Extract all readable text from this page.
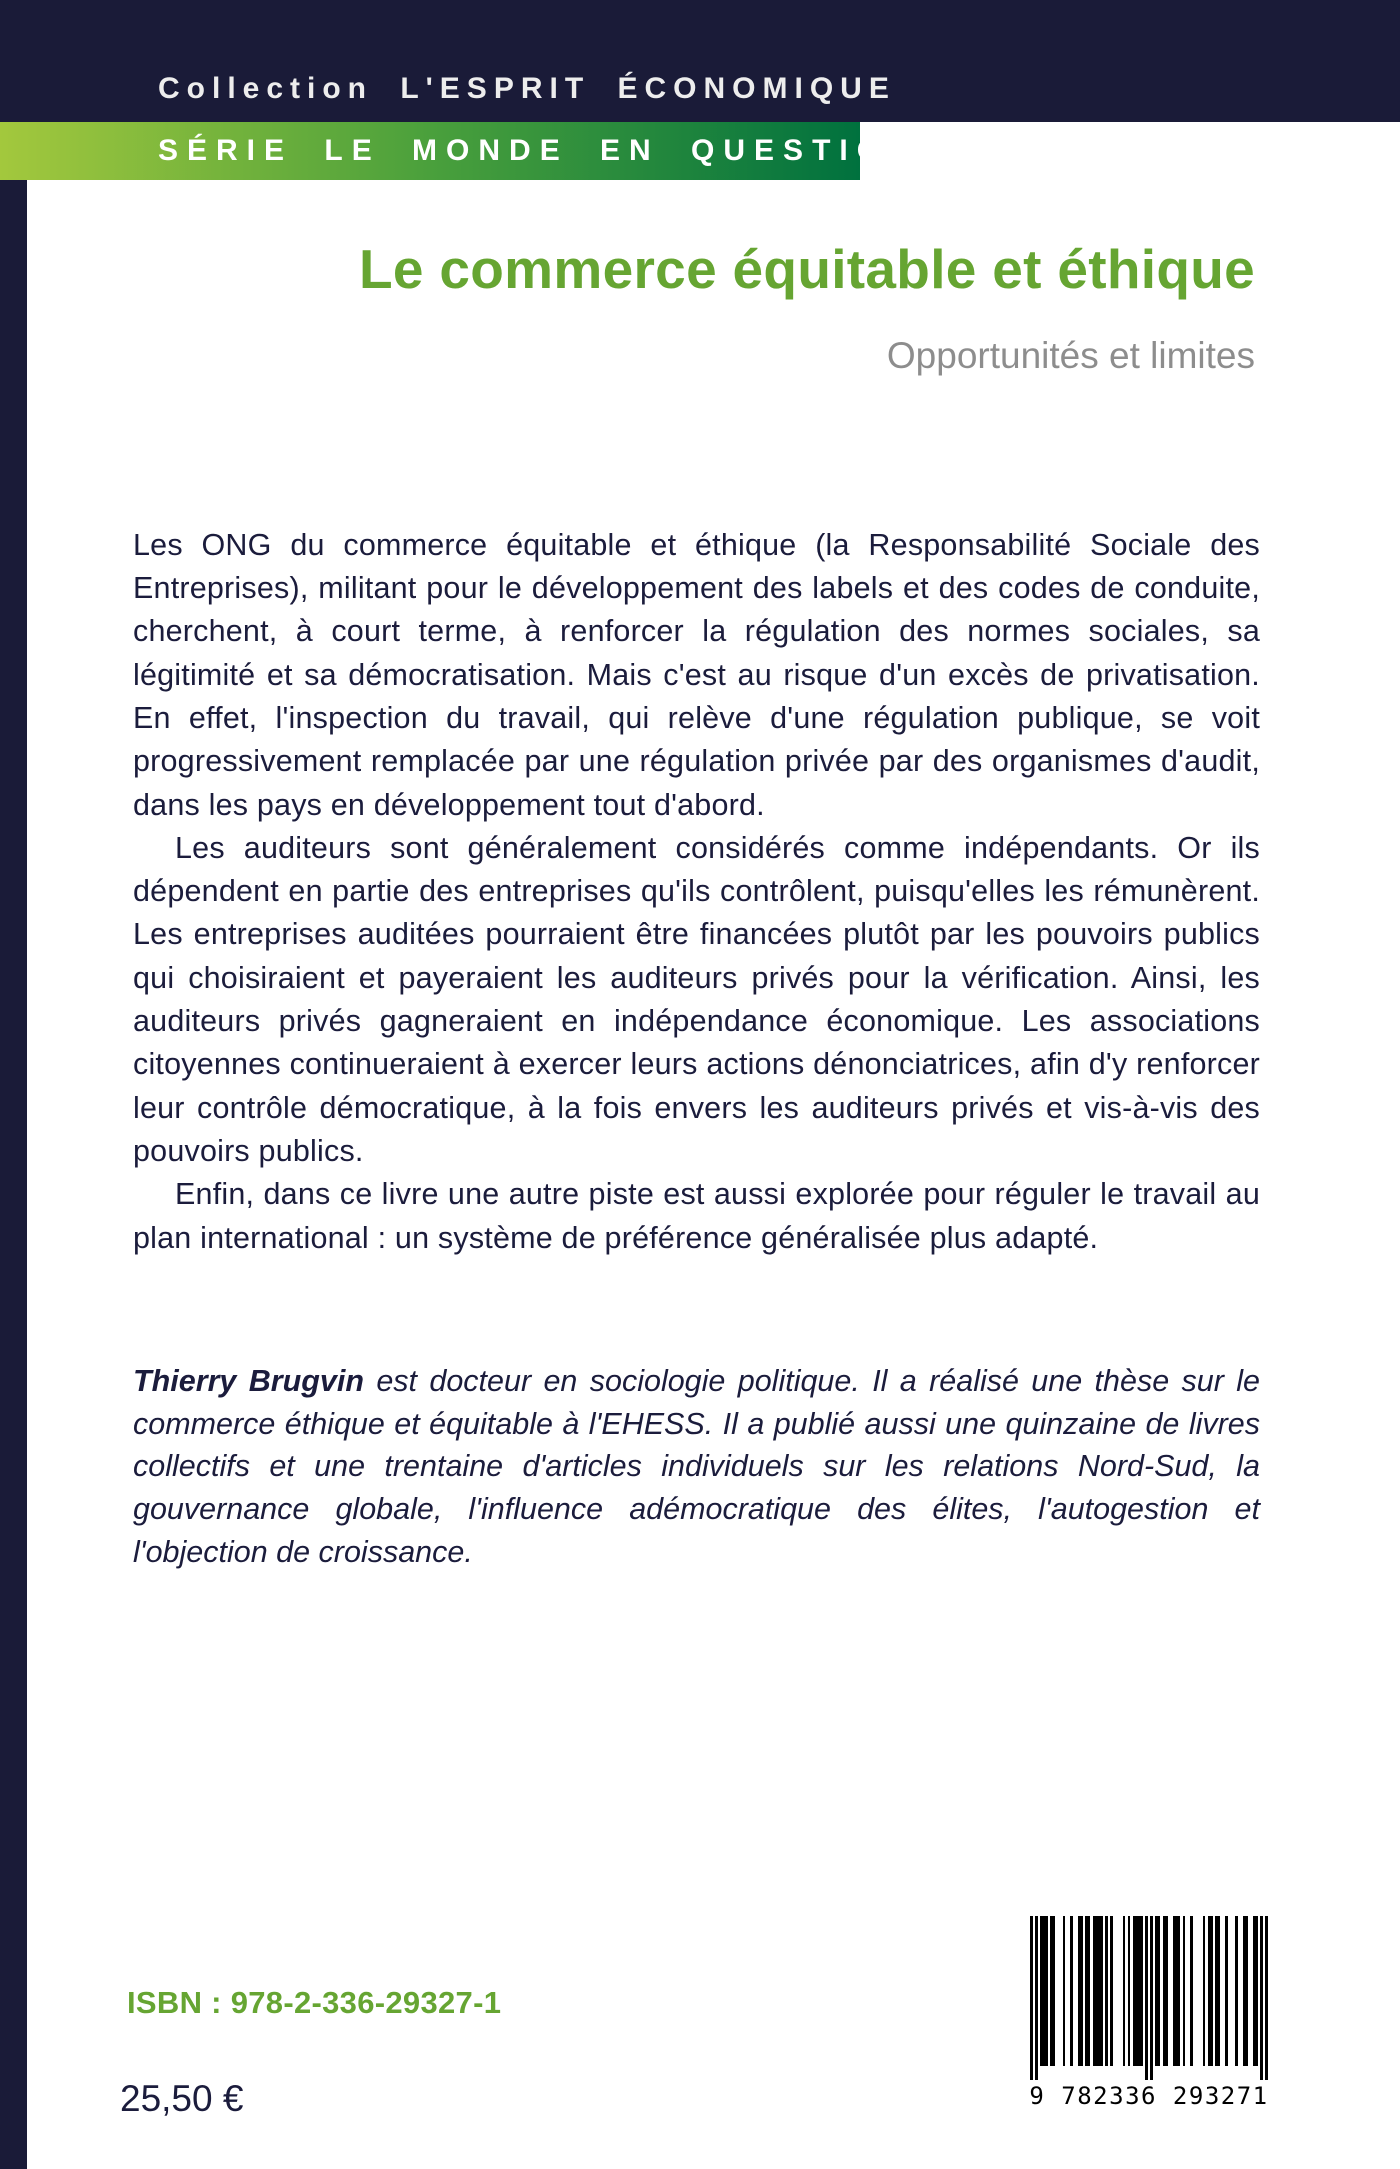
Collection L'ESPRIT ÉCONOMIQUE
SÉRIE LE MONDE EN QUESTION
Le commerce équitable et éthique
Opportunités et limites

Les ONG du commerce équitable et éthique (la Responsabilité Sociale des Entreprises), militant pour le développement des labels et des codes de conduite, cherchent, à court terme, à renforcer la régulation des normes sociales, sa légitimité et sa démocratisation. Mais c'est au risque d'un excès de privatisation. En effet, l'inspection du travail, qui relève d'une régulation publique, se voit progressivement remplacée par une régulation privée par des organismes d'audit, dans les pays en développement tout d'abord.

Les auditeurs sont généralement considérés comme indépendants. Or ils dépendent en partie des entreprises qu'ils contrôlent, puisqu'elles les rémunèrent. Les entreprises auditées pourraient être financées plutôt par les pouvoirs publics qui choisiraient et payeraient les auditeurs privés pour la vérification. Ainsi, les auditeurs privés gagneraient en indépendance économique. Les associations citoyennes continueraient à exercer leurs actions dénonciatrices, afin d'y renforcer leur contrôle démocratique, à la fois envers les auditeurs privés et vis-à-vis des pouvoirs publics.

Enfin, dans ce livre une autre piste est aussi explorée pour réguler le travail au plan international : un système de préférence généralisée plus adapté.

Thierry Brugvin est docteur en sociologie politique. Il a réalisé une thèse sur le commerce éthique et équitable à l'EHESS. Il a publié aussi une quinzaine de livres collectifs et une trentaine d'articles individuels sur les relations Nord-Sud, la gouvernance globale, l'influence adémocratique des élites, l'autogestion et l'objection de croissance.

ISBN : 978-2-336-29327-1
25,50 €	9 782336 293271
